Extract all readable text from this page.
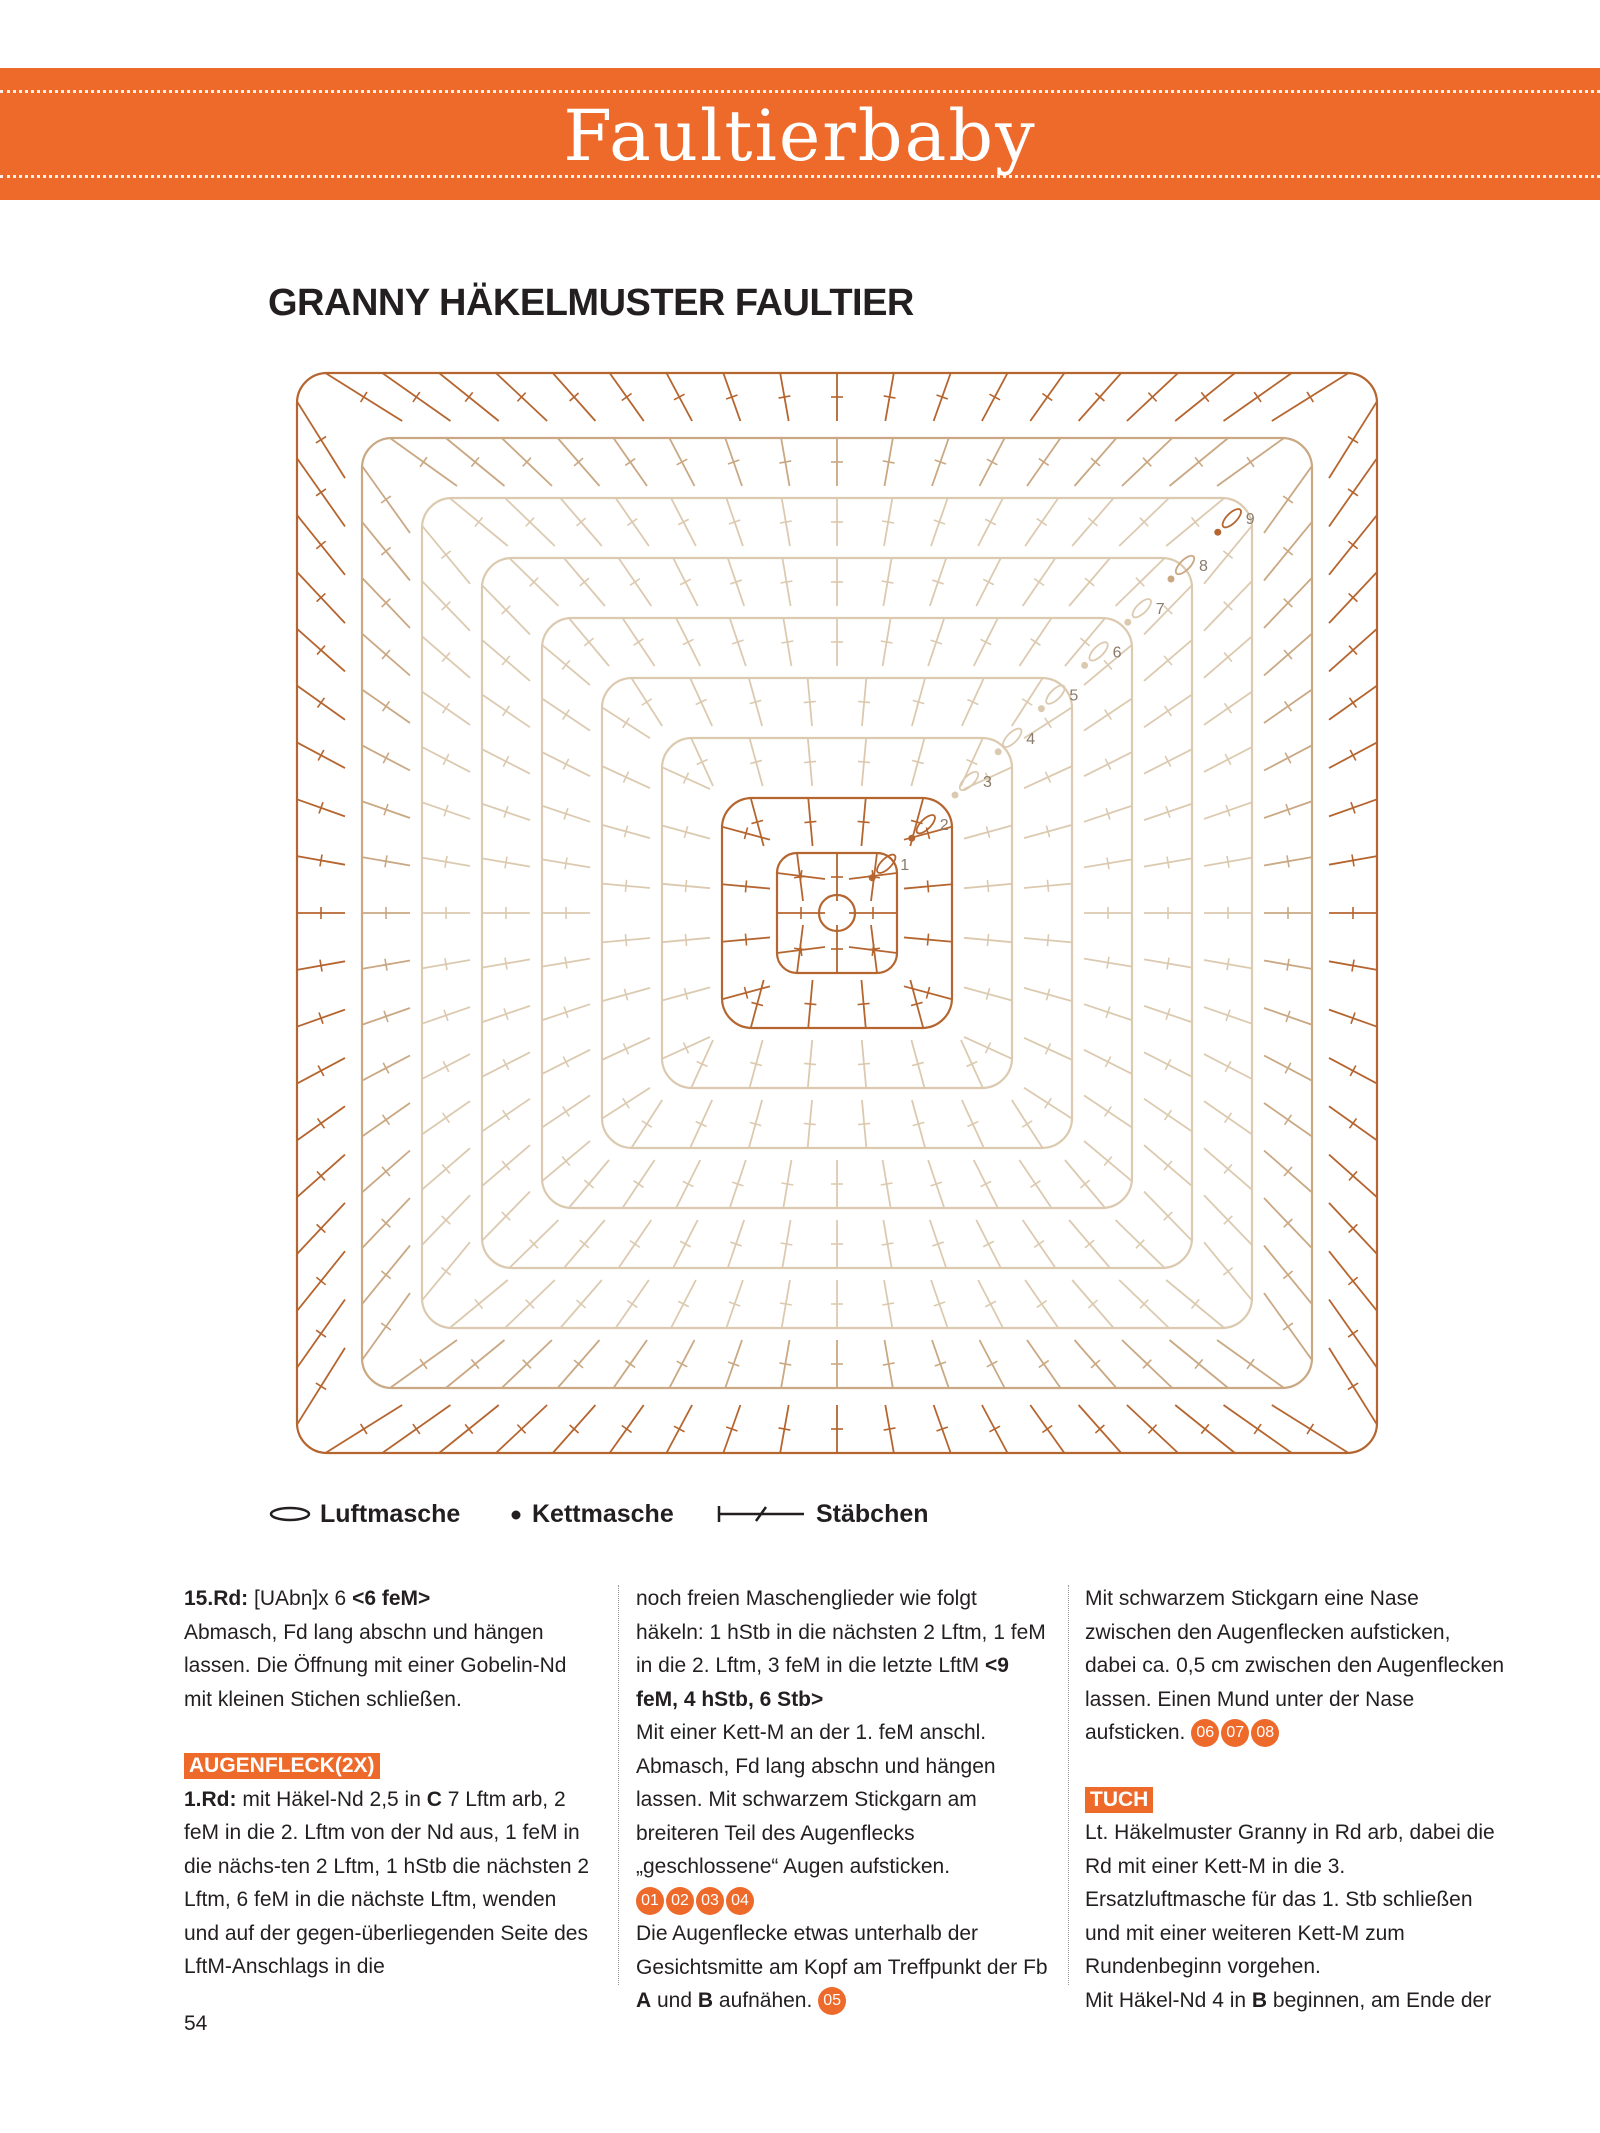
Faultierbaby
GRANNY HÄKELMUSTER FAULTIER
1
2
3
4
5
6
7
8
9
Luftmasche	Kettmasche	Stäbchen

15.Rd: [UAbn]x 6 <6 feM>

Abmasch, Fd lang abschn und hängen lassen. Die Öffnung mit einer Gobelin-Nd mit kleinen Stichen schließen.

AUGENFLECK(2X)

1.Rd: mit Häkel-Nd 2,5 in C 7 Lftm arb, 2 feM in die 2. Lftm von der Nd aus, 1 feM in die nächs-ten 2 Lftm, 1 hStb die nächsten 2 Lftm, 6 feM in die nächste Lftm, wenden und auf der gegen-überliegenden Seite des LftM-Anschlags in die

noch freien Maschenglieder wie folgt häkeln: 1 hStb in die nächsten 2 Lftm, 1 feM in die 2. Lftm, 3 feM in die letzte LftM <9 feM, 4 hStb, 6 Stb>

Mit einer Kett-M an der 1. feM anschl. Abmasch, Fd lang abschn und hängen lassen. Mit schwarzem Stickgarn am breiteren Teil des Augenflecks „geschlossene“ Augen aufsticken.

01 02 03 04

Die Augenflecke etwas unterhalb der Gesichtsmitte am Kopf am Treffpunkt der Fb A und B aufnähen. 05

Mit schwarzem Stickgarn eine Nase zwischen den Augenflecken aufsticken, dabei ca. 0,5 cm zwischen den Augenflecken lassen. Einen Mund unter der Nase aufsticken. 06 07 08

TUCH

Lt. Häkelmuster Granny in Rd arb, dabei die Rd mit einer Kett-M in die 3. Ersatzluftmasche für das 1. Stb schließen und mit einer weiteren Kett-M zum Rundenbeginn vorgehen.

Mit Häkel-Nd 4 in B beginnen, am Ende der

54
